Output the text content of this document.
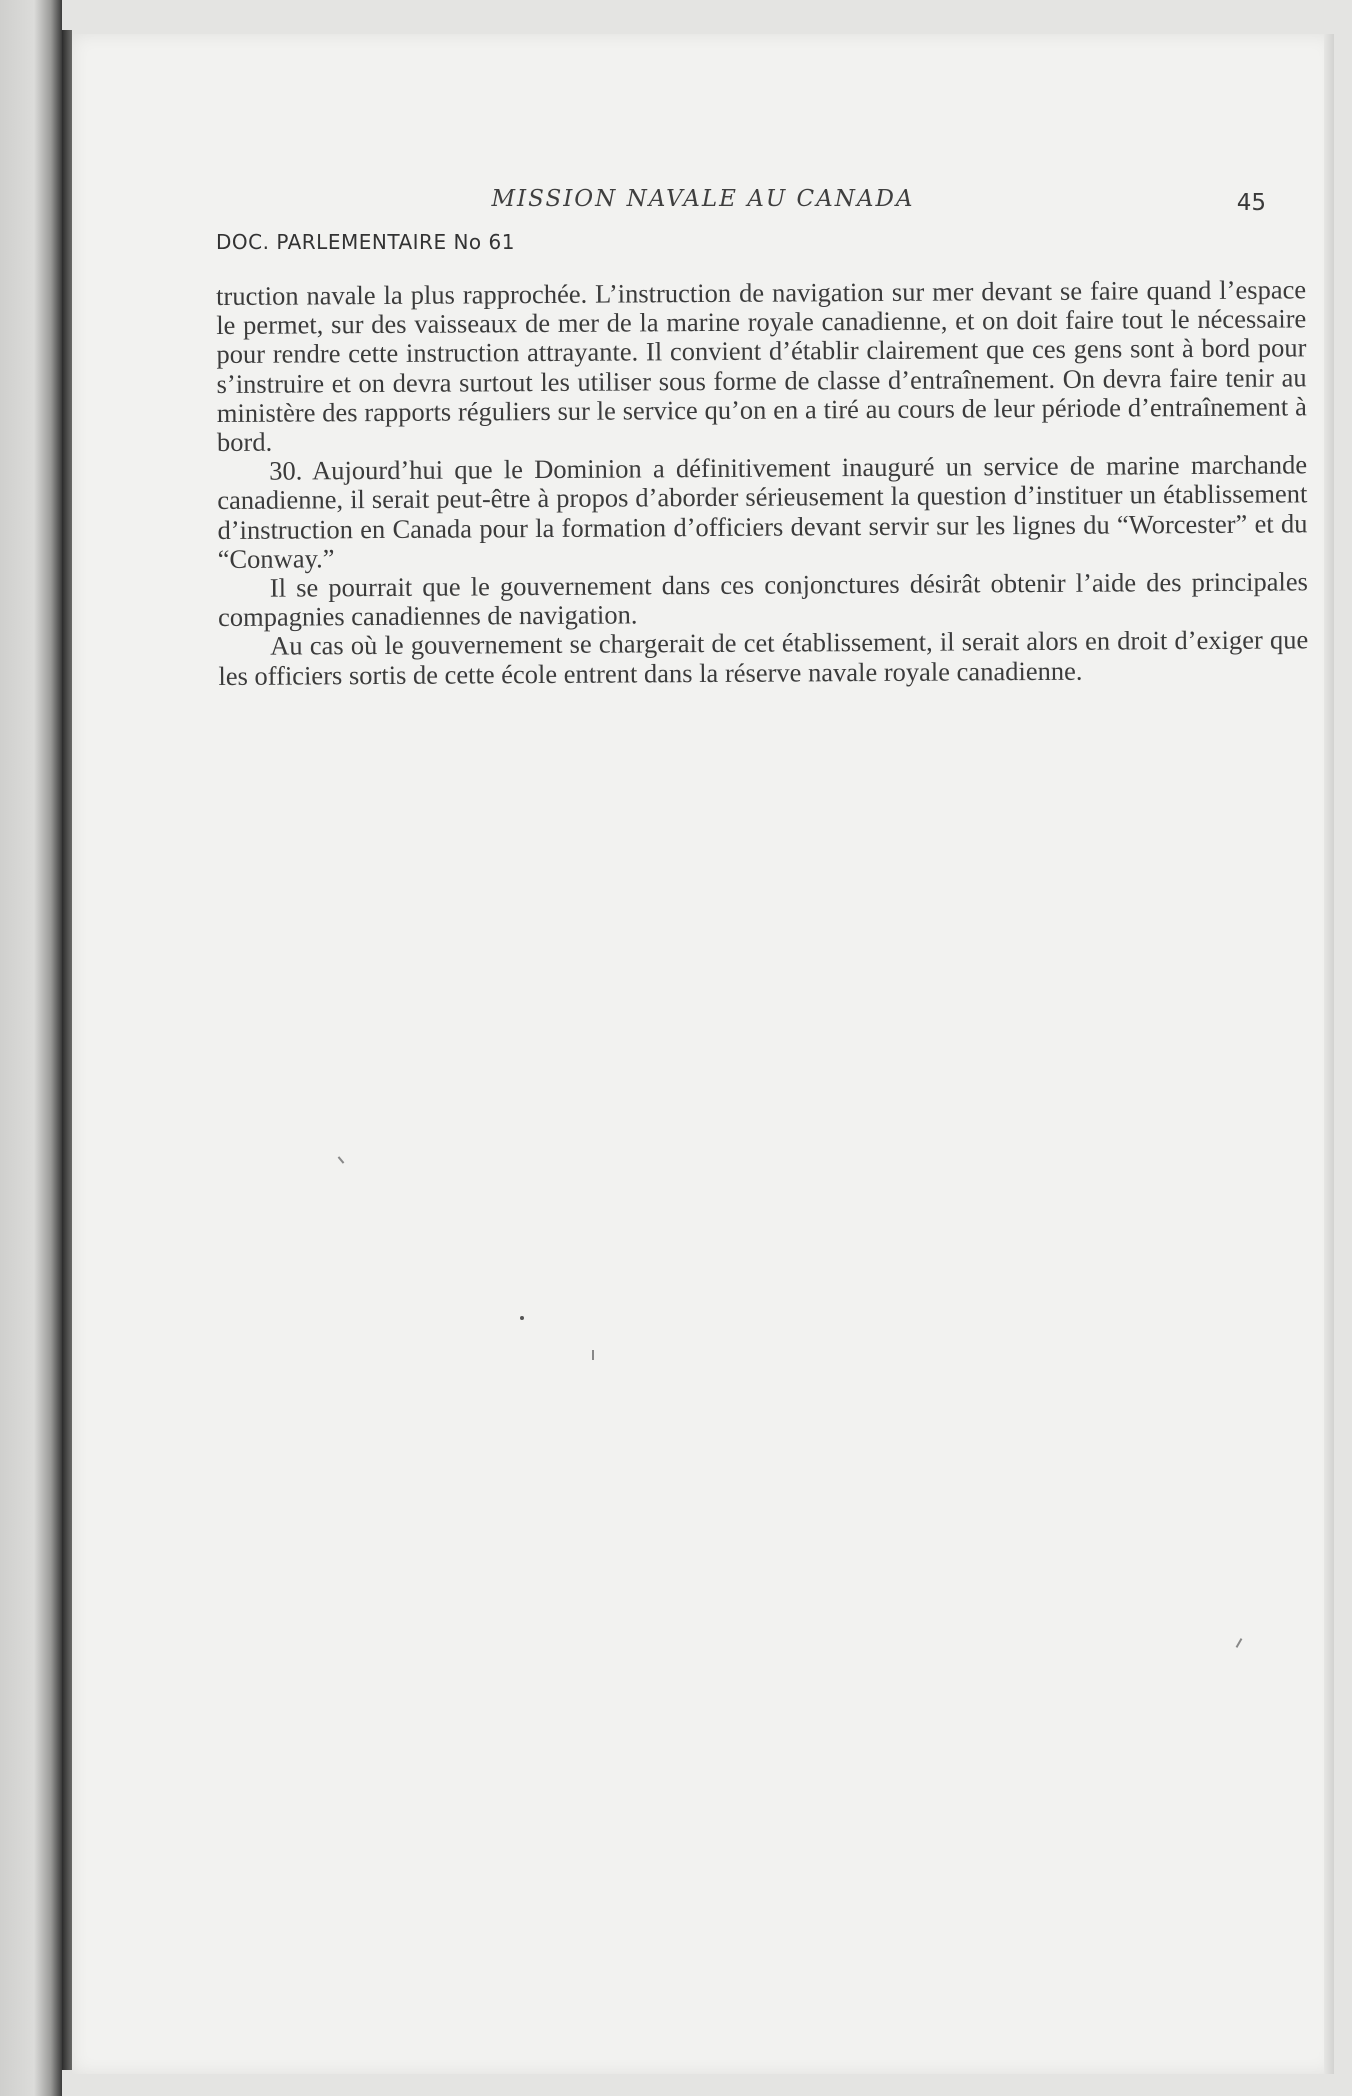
MISSION NAVALE AU CANADA	45
DOC. PARLEMENTAIRE No 61

truction navale la plus rapprochée. L’instruction de navigation sur mer devant se faire quand l’espace le permet, sur des vaisseaux de mer de la marine royale canadienne, et on doit faire tout le nécessaire pour rendre cette instruction attrayante. Il convient d’établir clairement que ces gens sont à bord pour s’instruire et on devra surtout les utiliser sous forme de classe d’entraînement. On devra faire tenir au ministère des rapports réguliers sur le service qu’on en a tiré au cours de leur période d’entraînement à bord.

30. Aujourd’hui que le Dominion a définitivement inauguré un service de marine marchande canadienne, il serait peut-être à propos d’aborder sérieusement la question d’instituer un établissement d’instruction en Canada pour la formation d’officiers devant servir sur les lignes du “Worcester” et du “Conway.”

Il se pourrait que le gouvernement dans ces conjonctures désirât obtenir l’aide des principales compagnies canadiennes de navigation.

Au cas où le gouvernement se chargerait de cet établissement, il serait alors en droit d’exiger que les officiers sortis de cette école entrent dans la réserve navale royale canadienne.
